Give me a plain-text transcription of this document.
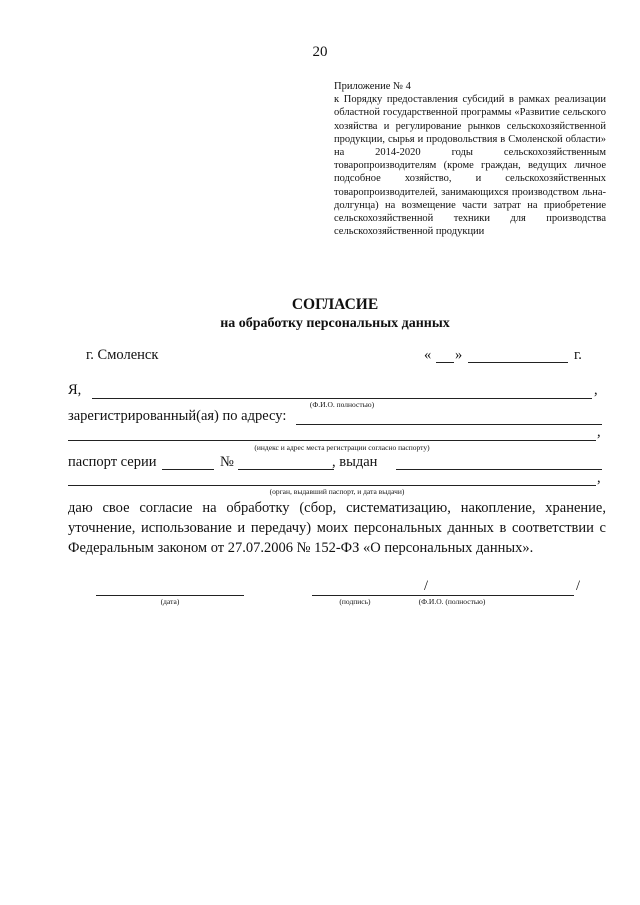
20

Приложение № 4

к Порядку предоставления субсидий в рамках реализации областной государственной программы «Развитие сельского хозяйства и регулирование рынков сельскохозяйственной продукции, сырья и продовольствия в Смоленской области» на 2014-2020 годы сельскохозяйственным товаропроизводителям (кроме граждан, ведущих личное подсобное хозяйство, и сельскохозяйственных товаропроизводителей, занимающихся производством льна-долгунца) на возмещение части затрат на приобретение сельскохозяйственной техники для производства сельскохозяйственной продукции

СОГЛАСИЕ
на обработку персональных данных
г. Смоленск	« »	г.
Я,	,
(Ф.И.О. полностью)
зарегистрированный(ая) по адресу:
,
(индекс и адрес места регистрации согласно паспорту)
паспорт серии	№	, выдан
,
(орган, выдавший паспорт, и дата выдачи)

даю свое согласие на обработку (сбор, систематизацию, накопление, хранение, уточнение, использование и передачу) моих персональных данных в соответствии с Федеральным законом от 27.07.2006 № 152-ФЗ «О персональных данных».

(дата)
/	/
(подпись)	(Ф.И.О. (полностью)
